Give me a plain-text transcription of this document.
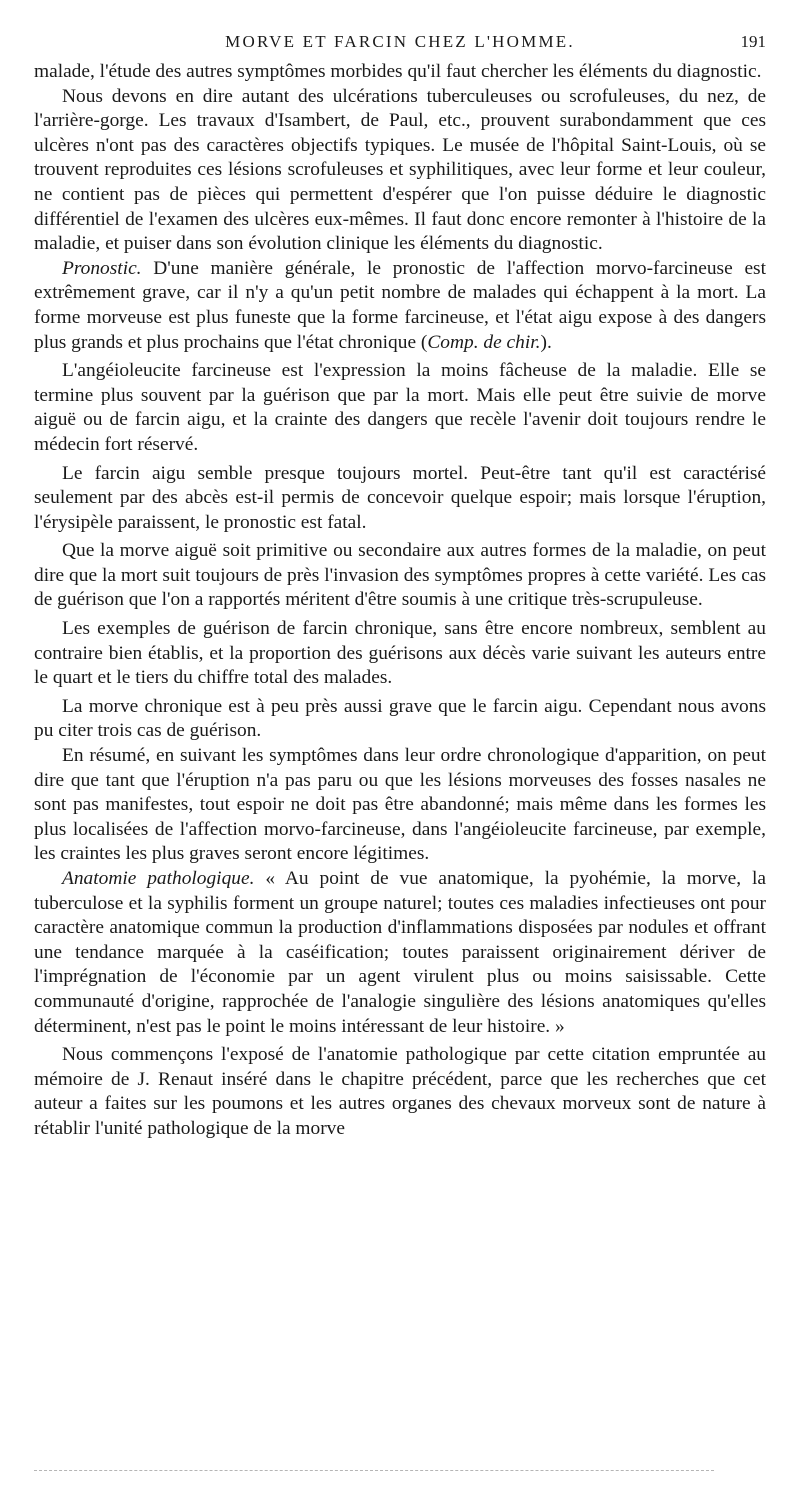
MORVE ET FARCIN CHEZ L'HOMME.	191

malade, l'étude des autres symptômes morbides qu'il faut chercher les éléments du diagnostic.

Nous devons en dire autant des ulcérations tuberculeuses ou scrofuleuses, du nez, de l'arrière-gorge. Les travaux d'Isambert, de Paul, etc., prouvent surabondamment que ces ulcères n'ont pas des caractères objectifs typiques. Le musée de l'hôpital Saint-Louis, où se trouvent reproduites ces lésions scrofuleuses et syphilitiques, avec leur forme et leur couleur, ne contient pas de pièces qui permettent d'espérer que l'on puisse déduire le diagnostic différentiel de l'examen des ulcères eux-mêmes. Il faut donc encore remonter à l'histoire de la maladie, et puiser dans son évolution clinique les éléments du diagnostic.

Pronostic. D'une manière générale, le pronostic de l'affection morvo-farcineuse est extrêmement grave, car il n'y a qu'un petit nombre de malades qui échappent à la mort. La forme morveuse est plus funeste que la forme farcineuse, et l'état aigu expose à des dangers plus grands et plus prochains que l'état chronique (Comp. de chir.).

L'angéioleucite farcineuse est l'expression la moins fâcheuse de la maladie. Elle se termine plus souvent par la guérison que par la mort. Mais elle peut être suivie de morve aiguë ou de farcin aigu, et la crainte des dangers que recèle l'avenir doit toujours rendre le médecin fort réservé.

Le farcin aigu semble presque toujours mortel. Peut-être tant qu'il est caractérisé seulement par des abcès est-il permis de concevoir quelque espoir; mais lorsque l'éruption, l'érysipèle paraissent, le pronostic est fatal.

Que la morve aiguë soit primitive ou secondaire aux autres formes de la maladie, on peut dire que la mort suit toujours de près l'invasion des symptômes propres à cette variété. Les cas de guérison que l'on a rapportés méritent d'être soumis à une critique très-scrupuleuse.

Les exemples de guérison de farcin chronique, sans être encore nombreux, semblent au contraire bien établis, et la proportion des guérisons aux décès varie suivant les auteurs entre le quart et le tiers du chiffre total des malades.

La morve chronique est à peu près aussi grave que le farcin aigu. Cependant nous avons pu citer trois cas de guérison.

En résumé, en suivant les symptômes dans leur ordre chronologique d'apparition, on peut dire que tant que l'éruption n'a pas paru ou que les lésions morveuses des fosses nasales ne sont pas manifestes, tout espoir ne doit pas être abandonné; mais même dans les formes les plus localisées de l'affection morvo-farcineuse, dans l'angéioleucite farcineuse, par exemple, les craintes les plus graves seront encore légitimes.

Anatomie pathologique. « Au point de vue anatomique, la pyohémie, la morve, la tuberculose et la syphilis forment un groupe naturel; toutes ces maladies infectieuses ont pour caractère anatomique commun la production d'inflammations disposées par nodules et offrant une tendance marquée à la caséification; toutes paraissent originairement dériver de l'imprégnation de l'économie par un agent virulent plus ou moins saisissable. Cette communauté d'origine, rapprochée de l'analogie singulière des lésions anatomiques qu'elles déterminent, n'est pas le point le moins intéressant de leur histoire. »

Nous commençons l'exposé de l'anatomie pathologique par cette citation empruntée au mémoire de J. Renaut inséré dans le chapitre précédent, parce que les recherches que cet auteur a faites sur les poumons et les autres organes des chevaux morveux sont de nature à rétablir l'unité pathologique de la morve
